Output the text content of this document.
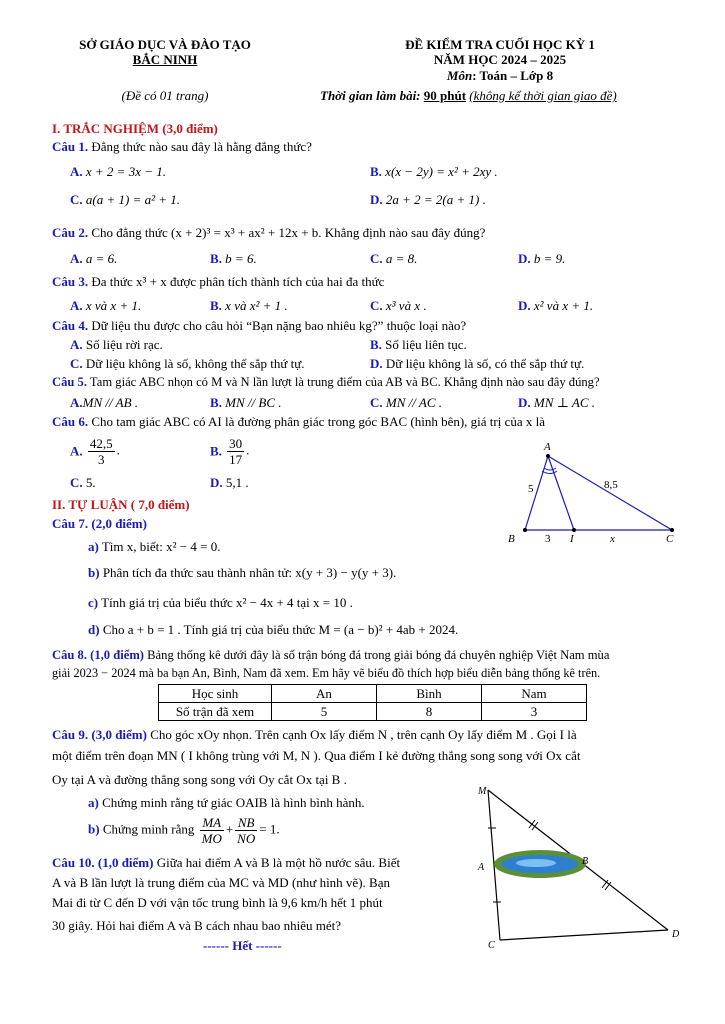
SỞ GIÁO DỤC VÀ ĐÀO TẠO
BẮC NINH
(Đề có 01 trang)
ĐỀ KIỂM TRA CUỐI HỌC KỲ 1
NĂM HỌC 2024 – 2025
Môn: Toán – Lớp 8
Thời gian làm bài: 90 phút (không kể thời gian giao đề)
I. TRẮC NGHIỆM (3,0 điểm)
Câu 1. Đẳng thức nào sau đây là hằng đẳng thức?
A. x + 2 = 3x − 1.	B. x(x − 2y) = x² + 2xy .
C. a(a + 1) = a² + 1.	D. 2a + 2 = 2(a + 1) .
Câu 2. Cho đẳng thức (x + 2)³ = x³ + ax² + 12x + b. Khẳng định nào sau đây đúng?
A. a = 6.	B. b = 6.	C. a = 8.	D. b = 9.
Câu 3. Đa thức x³ + x được phân tích thành tích của hai đa thức
A. x và x + 1.	B. x và x² + 1 .	C. x³ và x .	D. x² và x + 1.
Câu 4. Dữ liệu thu được cho câu hỏi “Bạn nặng bao nhiêu kg?” thuộc loại nào?
A. Số liệu rời rạc.	B. Số liệu liên tục.
C. Dữ liệu không là số, không thể sắp thứ tự.	D. Dữ liệu không là số, có thể sắp thứ tự.
Câu 5. Tam giác ABC nhọn có M và N lần lượt là trung điểm của AB và BC. Khẳng định nào sau đây đúng?
A.MN // AB .	B. MN // BC .	C. MN // AC .	D. MN ⊥ AC .
Câu 6. Cho tam giác ABC có AI là đường phân giác trong góc BAC (hình bên), giá trị của x là
A. $\frac{42,5}{3}$ .	B. $\frac{30}{17}$ .
C. 5.	D. 5,1 .
A
B	C
I
5	8,5
3	x
II. TỰ LUẬN ( 7,0 điểm)
Câu 7. (2,0 điểm)
a) Tìm x, biết: x² − 4 = 0.
b) Phân tích đa thức sau thành nhân tử: x(y + 3) − y(y + 3).
c) Tính giá trị của biểu thức x² − 4x + 4 tại x = 10 .
d) Cho a + b = 1 . Tính giá trị của biểu thức M = (a − b)² + 4ab + 2024.
Câu 8. (1,0 điểm) Bảng thống kê dưới đây là số trận bóng đá trong giải bóng đá chuyên nghiệp Việt Nam mùa
giải 2023 − 2024 mà ba bạn An, Bình, Nam đã xem. Em hãy vẽ biểu đồ thích hợp biểu diễn bảng thống kê trên.
Học sinh	An	Bình	Nam
Số trận đã xem	5	8	3
Câu 9. (3,0 điểm) Cho góc xOy nhọn. Trên cạnh Ox lấy điểm N , trên cạnh Oy lấy điểm M . Gọi I là
một điểm trên đoạn MN ( I không trùng với M, N ). Qua điểm I kẻ đường thẳng song song với Ox cắt
Oy tại A và đường thẳng song song với Oy cắt Ox tại B .
a) Chứng minh rằng tứ giác OAIB là hình bình hành.
b) Chứng minh rằng $\frac{MA}{MO} + \frac{NB}{NO} = 1$.
Câu 10. (1,0 điểm) Giữa hai điểm A và B là một hồ nước sâu. Biết
A và B lần lượt là trung điểm của MC và MD (như hình vẽ). Bạn
Mai đi từ C đến D với vận tốc trung bình là 9,6 km/h hết 1 phút
30 giây. Hỏi hai điểm A và B cách nhau bao nhiêu mét?
M
A
B
C
D
------ Hết ------
